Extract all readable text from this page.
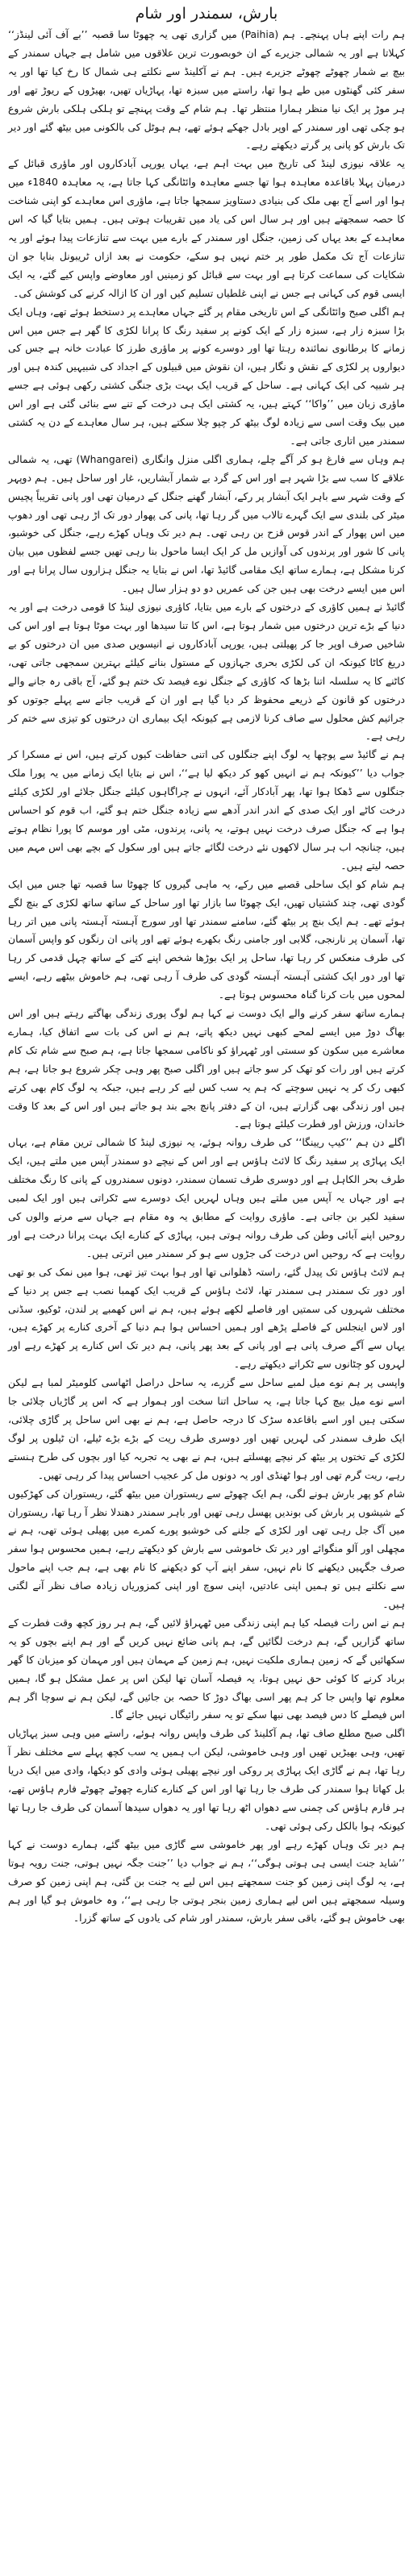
بارش، سمندر اور شام

ہم رات اپنے ہاں پہنچے۔ ہم (Paihia) میں گزاری تھی یہ چھوٹا سا قصبہ ’’بے آف آئی لینڈز‘‘ کہلاتا ہے اور یہ شمالی جزیرے کے ان خوبصورت ترین علاقوں میں شامل ہے جہاں سمندر کے بیچ بے شمار چھوٹے چھوٹے جزیرے ہیں۔ ہم نے آکلینڈ سے نکلتے ہی شمال کا رخ کیا تھا اور یہ سفر کئی گھنٹوں میں طے ہوا تھا، راستے میں سبزہ تھا، پہاڑیاں تھیں، بھیڑوں کے ریوڑ تھے اور ہر موڑ پر ایک نیا منظر ہمارا منتظر تھا۔ ہم شام کے وقت پہنچے تو ہلکی ہلکی بارش شروع ہو چکی تھی اور سمندر کے اوپر بادل جھکے ہوئے تھے، ہم ہوٹل کی بالکونی میں بیٹھ گئے اور دیر تک بارش کو پانی پر گرتے دیکھتے رہے۔

یہ علاقہ نیوزی لینڈ کی تاریخ میں بہت اہم ہے، یہاں یورپی آبادکاروں اور ماؤری قبائل کے درمیان پہلا باقاعدہ معاہدہ ہوا تھا جسے معاہدہ وائٹانگی کہا جاتا ہے، یہ معاہدہ 1840ء میں ہوا اور اسے آج بھی ملک کی بنیادی دستاویز سمجھا جاتا ہے، ماؤری اس معاہدے کو اپنی شناخت کا حصہ سمجھتے ہیں اور ہر سال اس کی یاد میں تقریبات ہوتی ہیں۔ ہمیں بتایا گیا کہ اس معاہدے کے بعد یہاں کی زمین، جنگل اور سمندر کے بارے میں بہت سے تنازعات پیدا ہوئے اور یہ تنازعات آج تک مکمل طور پر ختم نہیں ہو سکے، حکومت نے بعد ازاں ٹریبونل بنایا جو ان شکایات کی سماعت کرتا ہے اور بہت سے قبائل کو زمینیں اور معاوضے واپس کیے گئے، یہ ایک ایسی قوم کی کہانی ہے جس نے اپنی غلطیاں تسلیم کیں اور ان کا ازالہ کرنے کی کوشش کی۔

ہم اگلی صبح وائٹانگی کے اس تاریخی مقام پر گئے جہاں معاہدے پر دستخط ہوئے تھے، وہاں ایک بڑا سبزہ زار ہے، سبزہ زار کے ایک کونے پر سفید رنگ کا پرانا لکڑی کا گھر ہے جس میں اس زمانے کا برطانوی نمائندہ رہتا تھا اور دوسرے کونے پر ماؤری طرز کا عبادت خانہ ہے جس کی دیواروں پر لکڑی کے نقش و نگار ہیں، ان نقوش میں قبیلوں کے اجداد کی شبیہیں کندہ ہیں اور ہر شبیہ کی ایک کہانی ہے۔ ساحل کے قریب ایک بہت بڑی جنگی کشتی رکھی ہوئی ہے جسے ماؤری زبان میں ’’واکا‘‘ کہتے ہیں، یہ کشتی ایک ہی درخت کے تنے سے بنائی گئی ہے اور اس میں بیک وقت اسی سے زیادہ لوگ بیٹھ کر چپو چلا سکتے ہیں، ہر سال معاہدے کے دن یہ کشتی سمندر میں اتاری جاتی ہے۔

ہم وہاں سے فارغ ہو کر آگے چلے، ہماری اگلی منزل وانگاری (Whangarei) تھی، یہ شمالی علاقے کا سب سے بڑا شہر ہے اور اس کے گرد بے شمار آبشاریں، غار اور ساحل ہیں۔ ہم دوپہر کے وقت شہر سے باہر ایک آبشار پر رکے، آبشار گھنے جنگل کے درمیان تھی اور پانی تقریباً پچیس میٹر کی بلندی سے ایک گہرے تالاب میں گر رہا تھا، پانی کی پھوار دور تک اڑ رہی تھی اور دھوپ میں اس پھوار کے اندر قوس قزح بن رہی تھی۔ ہم دیر تک وہاں کھڑے رہے، جنگل کی خوشبو، پانی کا شور اور پرندوں کی آوازیں مل کر ایک ایسا ماحول بنا رہی تھیں جسے لفظوں میں بیان کرنا مشکل ہے، ہمارے ساتھ ایک مقامی گائیڈ تھا، اس نے بتایا یہ جنگل ہزاروں سال پرانا ہے اور اس میں ایسے درخت بھی ہیں جن کی عمریں دو دو ہزار سال ہیں۔

گائیڈ نے ہمیں کاؤری کے درختوں کے بارے میں بتایا، کاؤری نیوزی لینڈ کا قومی درخت ہے اور یہ دنیا کے بڑے ترین درختوں میں شمار ہوتا ہے، اس کا تنا سیدھا اور بہت موٹا ہوتا ہے اور اس کی شاخیں صرف اوپر جا کر پھیلتی ہیں، یورپی آبادکاروں نے انیسویں صدی میں ان درختوں کو بے دریغ کاٹا کیونکہ ان کی لکڑی بحری جہازوں کے مستول بنانے کیلئے بہترین سمجھی جاتی تھی، کاٹنے کا یہ سلسلہ اتنا بڑھا کہ کاؤری کے جنگل نوے فیصد تک ختم ہو گئے، آج باقی رہ جانے والے درختوں کو قانون کے ذریعے محفوظ کر دیا گیا ہے اور ان کے قریب جانے سے پہلے جوتوں کو جراثیم کش محلول سے صاف کرنا لازمی ہے کیونکہ ایک بیماری ان درختوں کو تیزی سے ختم کر رہی ہے۔

ہم نے گائیڈ سے پوچھا یہ لوگ اپنے جنگلوں کی اتنی حفاظت کیوں کرتے ہیں، اس نے مسکرا کر جواب دیا ’’کیونکہ ہم نے انہیں کھو کر دیکھ لیا ہے‘‘، اس نے بتایا ایک زمانے میں یہ پورا ملک جنگلوں سے ڈھکا ہوا تھا، پھر آبادکار آئے، انہوں نے چراگاہوں کیلئے جنگل جلائے اور لکڑی کیلئے درخت کاٹے اور ایک صدی کے اندر اندر آدھے سے زیادہ جنگل ختم ہو گئے، اب قوم کو احساس ہوا ہے کہ جنگل صرف درخت نہیں ہوتے، یہ پانی، پرندوں، مٹی اور موسم کا پورا نظام ہوتے ہیں، چنانچہ اب ہر سال لاکھوں نئے درخت لگائے جاتے ہیں اور سکول کے بچے بھی اس مہم میں حصہ لیتے ہیں۔

ہم شام کو ایک ساحلی قصبے میں رکے، یہ ماہی گیروں کا چھوٹا سا قصبہ تھا جس میں ایک گودی تھی، چند کشتیاں تھیں، ایک چھوٹا سا بازار تھا اور ساحل کے ساتھ ساتھ لکڑی کے بنچ لگے ہوئے تھے۔ ہم ایک بنچ پر بیٹھ گئے، سامنے سمندر تھا اور سورج آہستہ آہستہ پانی میں اتر رہا تھا، آسمان پر نارنجی، گلابی اور جامنی رنگ بکھرے ہوئے تھے اور پانی ان رنگوں کو واپس آسمان کی طرف منعکس کر رہا تھا، ساحل پر ایک بوڑھا شخص اپنے کتے کے ساتھ چہل قدمی کر رہا تھا اور دور ایک کشتی آہستہ آہستہ گودی کی طرف آ رہی تھی، ہم خاموش بیٹھے رہے، ایسے لمحوں میں بات کرنا گناہ محسوس ہوتا ہے۔

ہمارے ساتھ سفر کرنے والے ایک دوست نے کہا ہم لوگ پوری زندگی بھاگتے رہتے ہیں اور اس بھاگ دوڑ میں ایسے لمحے کبھی نہیں دیکھ پاتے، ہم نے اس کی بات سے اتفاق کیا، ہمارے معاشرے میں سکون کو سستی اور ٹھہراؤ کو ناکامی سمجھا جاتا ہے، ہم صبح سے شام تک کام کرتے ہیں اور رات کو تھک کر سو جاتے ہیں اور اگلی صبح پھر وہی چکر شروع ہو جاتا ہے، ہم کبھی رک کر یہ نہیں سوچتے کہ ہم یہ سب کس لیے کر رہے ہیں، جبکہ یہ لوگ کام بھی کرتے ہیں اور زندگی بھی گزارتے ہیں، ان کے دفتر پانچ بجے بند ہو جاتے ہیں اور اس کے بعد کا وقت خاندان، ورزش اور فطرت کیلئے ہوتا ہے۔

اگلے دن ہم ’’کیپ ریینگا‘‘ کی طرف روانہ ہوئے، یہ نیوزی لینڈ کا شمالی ترین مقام ہے، یہاں ایک پہاڑی پر سفید رنگ کا لائٹ ہاؤس ہے اور اس کے نیچے دو سمندر آپس میں ملتے ہیں، ایک طرف بحر الکاہل ہے اور دوسری طرف تسمان سمندر، دونوں سمندروں کے پانی کا رنگ مختلف ہے اور جہاں یہ آپس میں ملتے ہیں وہاں لہریں ایک دوسرے سے ٹکراتی ہیں اور ایک لمبی سفید لکیر بن جاتی ہے۔ ماؤری روایت کے مطابق یہ وہ مقام ہے جہاں سے مرنے والوں کی روحیں اپنے آبائی وطن کی طرف روانہ ہوتی ہیں، پہاڑی کے کنارے ایک بہت پرانا درخت ہے اور روایت ہے کہ روحیں اس درخت کی جڑوں سے ہو کر سمندر میں اترتی ہیں۔

ہم لائٹ ہاؤس تک پیدل گئے، راستہ ڈھلوانی تھا اور ہوا بہت تیز تھی، ہوا میں نمک کی بو تھی اور دور تک سمندر ہی سمندر تھا، لائٹ ہاؤس کے قریب ایک کھمبا نصب ہے جس پر دنیا کے مختلف شہروں کی سمتیں اور فاصلے لکھے ہوئے ہیں، ہم نے اس کھمبے پر لندن، ٹوکیو، سڈنی اور لاس اینجلس کے فاصلے پڑھے اور ہمیں احساس ہوا ہم دنیا کے آخری کنارے پر کھڑے ہیں، یہاں سے آگے صرف پانی ہے اور پانی کے بعد پھر پانی، ہم دیر تک اس کنارے پر کھڑے رہے اور لہروں کو چٹانوں سے ٹکراتے دیکھتے رہے۔

واپسی پر ہم نوے میل لمبے ساحل سے گزرے، یہ ساحل دراصل اٹھاسی کلومیٹر لمبا ہے لیکن اسے نوے میل بیچ کہا جاتا ہے، یہ ساحل اتنا سخت اور ہموار ہے کہ اس پر گاڑیاں چلائی جا سکتی ہیں اور اسے باقاعدہ سڑک کا درجہ حاصل ہے، ہم نے بھی اس ساحل پر گاڑی چلائی، ایک طرف سمندر کی لہریں تھیں اور دوسری طرف ریت کے بڑے بڑے ٹیلے، ان ٹیلوں پر لوگ لکڑی کے تختوں پر بیٹھ کر نیچے پھسلتے ہیں، ہم نے بھی یہ تجربہ کیا اور بچوں کی طرح ہنستے رہے، ریت گرم تھی اور ہوا ٹھنڈی اور یہ دونوں مل کر عجیب احساس پیدا کر رہی تھیں۔

شام کو پھر بارش ہونے لگی، ہم ایک چھوٹے سے ریستوران میں بیٹھ گئے، ریستوران کی کھڑکیوں کے شیشوں پر بارش کی بوندیں پھسل رہی تھیں اور باہر سمندر دھندلا نظر آ رہا تھا، ریستوران میں آگ جل رہی تھی اور لکڑی کے جلنے کی خوشبو پورے کمرے میں پھیلی ہوئی تھی، ہم نے مچھلی اور آلو منگوائے اور دیر تک خاموشی سے بارش کو دیکھتے رہے، ہمیں محسوس ہوا سفر صرف جگہیں دیکھنے کا نام نہیں، سفر اپنے آپ کو دیکھنے کا نام بھی ہے، ہم جب اپنے ماحول سے نکلتے ہیں تو ہمیں اپنی عادتیں، اپنی سوچ اور اپنی کمزوریاں زیادہ صاف نظر آنے لگتی ہیں۔

ہم نے اس رات فیصلہ کیا ہم اپنی زندگی میں ٹھہراؤ لائیں گے، ہم ہر روز کچھ وقت فطرت کے ساتھ گزاریں گے، ہم درخت لگائیں گے، ہم پانی ضائع نہیں کریں گے اور ہم اپنے بچوں کو یہ سکھائیں گے کہ زمین ہماری ملکیت نہیں، ہم زمین کے مہمان ہیں اور مہمان کو میزبان کا گھر برباد کرنے کا کوئی حق نہیں ہوتا، یہ فیصلہ آسان تھا لیکن اس پر عمل مشکل ہو گا، ہمیں معلوم تھا واپس جا کر ہم پھر اسی بھاگ دوڑ کا حصہ بن جائیں گے، لیکن ہم نے سوچا اگر ہم اس فیصلے کا دس فیصد بھی نبھا سکے تو یہ سفر رائیگاں نہیں جائے گا۔

اگلی صبح مطلع صاف تھا، ہم آکلینڈ کی طرف واپس روانہ ہوئے، راستے میں وہی سبز پہاڑیاں تھیں، وہی بھیڑیں تھیں اور وہی خاموشی، لیکن اب ہمیں یہ سب کچھ پہلے سے مختلف نظر آ رہا تھا، ہم نے گاڑی ایک پہاڑی پر روکی اور نیچے پھیلی ہوئی وادی کو دیکھا، وادی میں ایک دریا بل کھاتا ہوا سمندر کی طرف جا رہا تھا اور اس کے کنارے کنارے چھوٹے چھوٹے فارم ہاؤس تھے، ہر فارم ہاؤس کی چمنی سے دھواں اٹھ رہا تھا اور یہ دھواں سیدھا آسمان کی طرف جا رہا تھا کیونکہ ہوا بالکل رکی ہوئی تھی۔

ہم دیر تک وہاں کھڑے رہے اور پھر خاموشی سے گاڑی میں بیٹھ گئے، ہمارے دوست نے کہا ’’شاید جنت ایسی ہی ہوتی ہوگی‘‘، ہم نے جواب دیا ’’جنت جگہ نہیں ہوتی، جنت رویہ ہوتا ہے، یہ لوگ اپنی زمین کو جنت سمجھتے ہیں اس لیے یہ جنت بن گئی، ہم اپنی زمین کو صرف وسیلہ سمجھتے ہیں اس لیے ہماری زمین بنجر ہوتی جا رہی ہے‘‘، وہ خاموش ہو گیا اور ہم بھی خاموش ہو گئے، باقی سفر بارش، سمندر اور شام کی یادوں کے ساتھ گزرا۔
